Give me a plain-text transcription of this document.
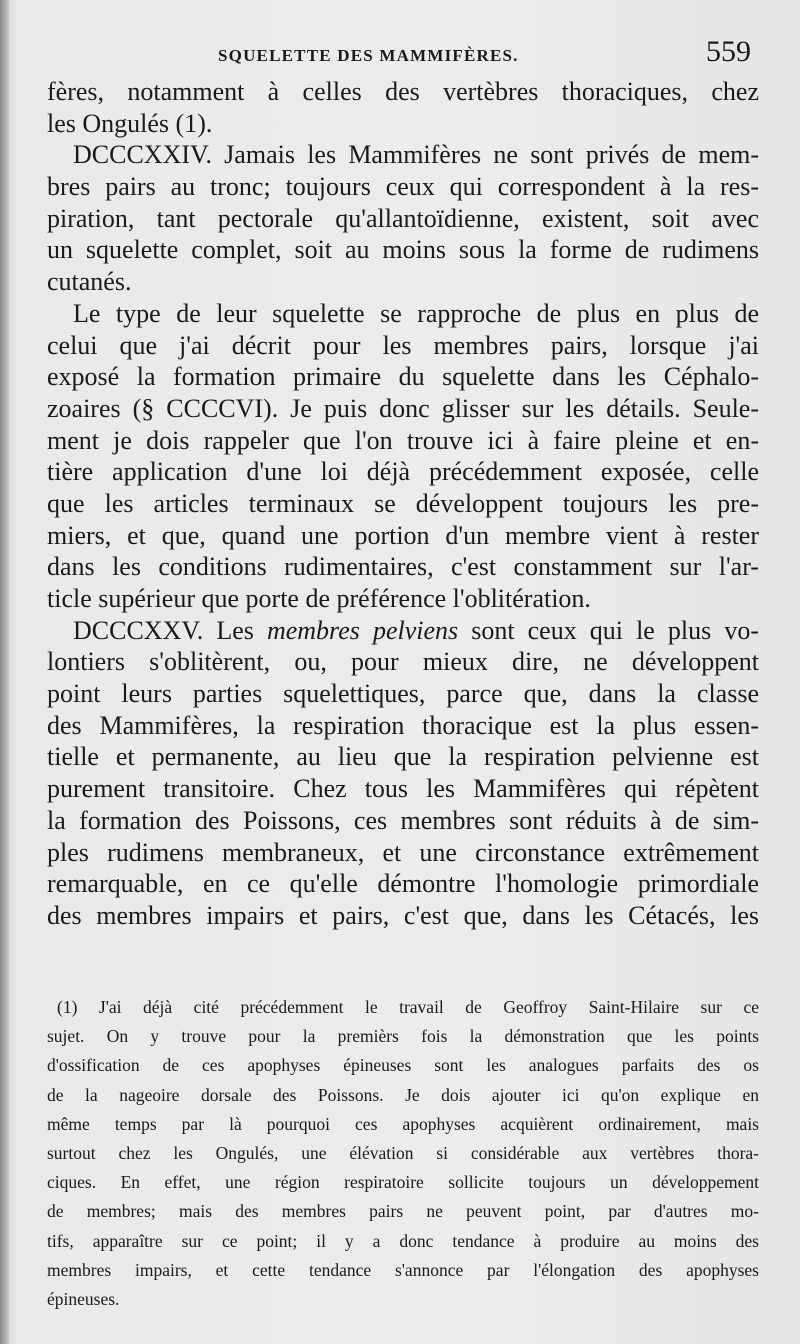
SQUELETTE DES MAMMIFÈRES.	559
fères, notamment à celles des vertèbres thoraciques, chez
les Ongulés (1).
DCCCXXIV. Jamais les Mammifères ne sont privés de mem-
bres pairs au tronc; toujours ceux qui correspondent à la res-
piration, tant pectorale qu'allantoïdienne, existent, soit avec
un squelette complet, soit au moins sous la forme de rudimens
cutanés.
Le type de leur squelette se rapproche de plus en plus de
celui que j'ai décrit pour les membres pairs, lorsque j'ai
exposé la formation primaire du squelette dans les Céphalo-
zoaires (§ CCCCVI). Je puis donc glisser sur les détails. Seule-
ment je dois rappeler que l'on trouve ici à faire pleine et en-
tière application d'une loi déjà précédemment exposée, celle
que les articles terminaux se développent toujours les pre-
miers, et que, quand une portion d'un membre vient à rester
dans les conditions rudimentaires, c'est constamment sur l'ar-
ticle supérieur que porte de préférence l'oblitération.
DCCCXXV. Les membres pelviens sont ceux qui le plus vo-
lontiers s'oblitèrent, ou, pour mieux dire, ne développent
point leurs parties squelettiques, parce que, dans la classe
des Mammifères, la respiration thoracique est la plus essen-
tielle et permanente, au lieu que la respiration pelvienne est
purement transitoire. Chez tous les Mammifères qui répètent
la formation des Poissons, ces membres sont réduits à de sim-
ples rudimens membraneux, et une circonstance extrêmement
remarquable, en ce qu'elle démontre l'homologie primordiale
des membres impairs et pairs, c'est que, dans les Cétacés, les
(1) J'ai déjà cité précédemment le travail de Geoffroy Saint-Hilaire sur ce
sujet. On y trouve pour la premièrs fois la démonstration que les points
d'ossification de ces apophyses épineuses sont les analogues parfaits des os
de la nageoire dorsale des Poissons. Je dois ajouter ici qu'on explique en
même temps par là pourquoi ces apophyses acquièrent ordinairement, mais
surtout chez les Ongulés, une élévation si considérable aux vertèbres thora-
ciques. En effet, une région respiratoire sollicite toujours un développement
de membres; mais des membres pairs ne peuvent point, par d'autres mo-
tifs, apparaître sur ce point; il y a donc tendance à produire au moins des
membres impairs, et cette tendance s'annonce par l'élongation des apophyses
épineuses.
